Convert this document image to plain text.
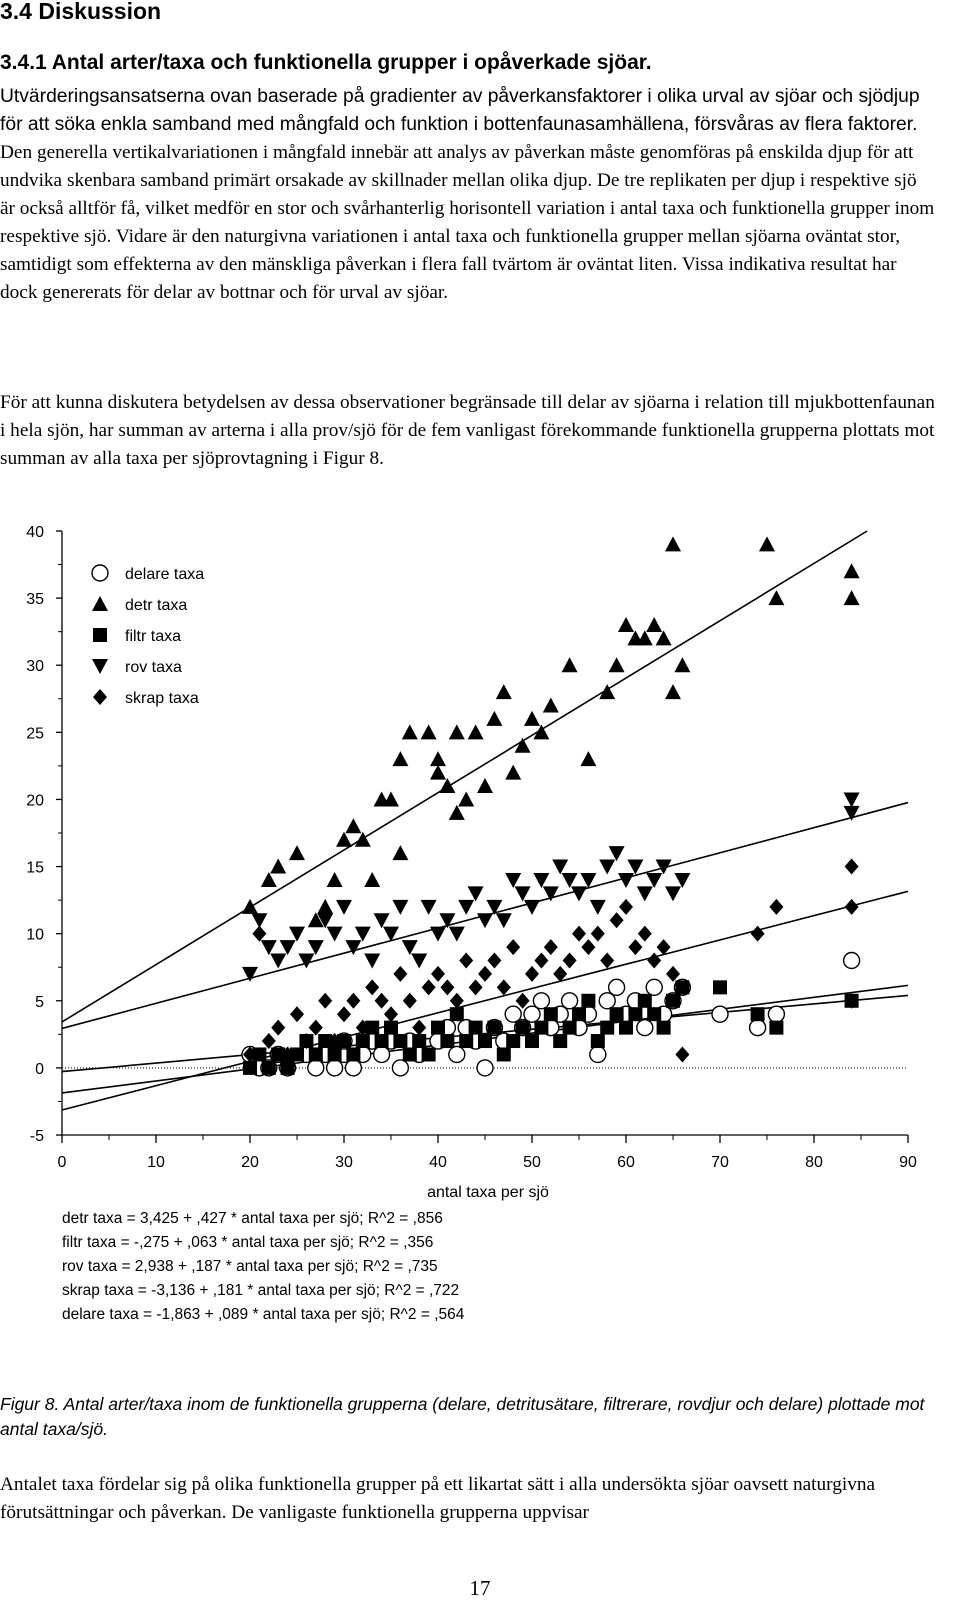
3.4 Diskussion
3.4.1 Antal arter/taxa och funktionella grupper i opåverkade sjöar.

Utvärderingsansatserna ovan baserade på gradienter av påverkansfaktorer i olika urval av sjöar och sjödjup för att söka enkla samband med mångfald och funktion i bottenfaunasamhällena, försvåras av flera faktorer. Den generella vertikalvariationen i mångfald innebär att analys av påverkan måste genomföras på enskilda djup för att undvika skenbara samband primärt orsakade av skillnader mellan olika djup. De tre replikaten per djup i respektive sjö är också alltför få, vilket medför en stor och svårhanterlig horisontell variation i antal taxa och funktionella grupper inom respektive sjö. Vidare är den naturgivna variationen i antal taxa och funktionella grupper mellan sjöarna oväntat stor, samtidigt som effekterna av den mänskliga påverkan i flera fall tvärtom är oväntat liten. Vissa indikativa resultat har dock genererats för delar av bottnar och för urval av sjöar.

För att kunna diskutera betydelsen av dessa observationer begränsade till delar av sjöarna i relation till mjukbottenfaunan i hela sjön, har summan av arterna i alla prov/sjö för de fem vanligast förekommande funktionella grupperna plottats mot summan av alla taxa per sjöprovtagning i Figur 8.

0	10	20	30	40	50	60	70	80	90
-5
0
5
10
15
20
25
30
35
40
delare taxa
detr taxa
filtr taxa
rov taxa
skrap taxa
antal taxa per sjö
detr taxa = 3,425 + ,427 * antal taxa per sjö; R^2 = ,856
filtr taxa = -,275 + ,063 * antal taxa per sjö; R^2 = ,356
rov taxa = 2,938 + ,187 * antal taxa per sjö; R^2 = ,735
skrap taxa = -3,136 + ,181 * antal taxa per sjö; R^2 = ,722
delare taxa = -1,863 + ,089 * antal taxa per sjö; R^2 = ,564

Figur 8. Antal arter/taxa inom de funktionella grupperna (delare, detritusätare, filtrerare, rovdjur och delare) plottade mot antal taxa/sjö.

Antalet taxa fördelar sig på olika funktionella grupper på ett likartat sätt i alla undersökta sjöar oavsett naturgivna förutsättningar och påverkan. De vanligaste funktionella grupperna uppvisar

17
